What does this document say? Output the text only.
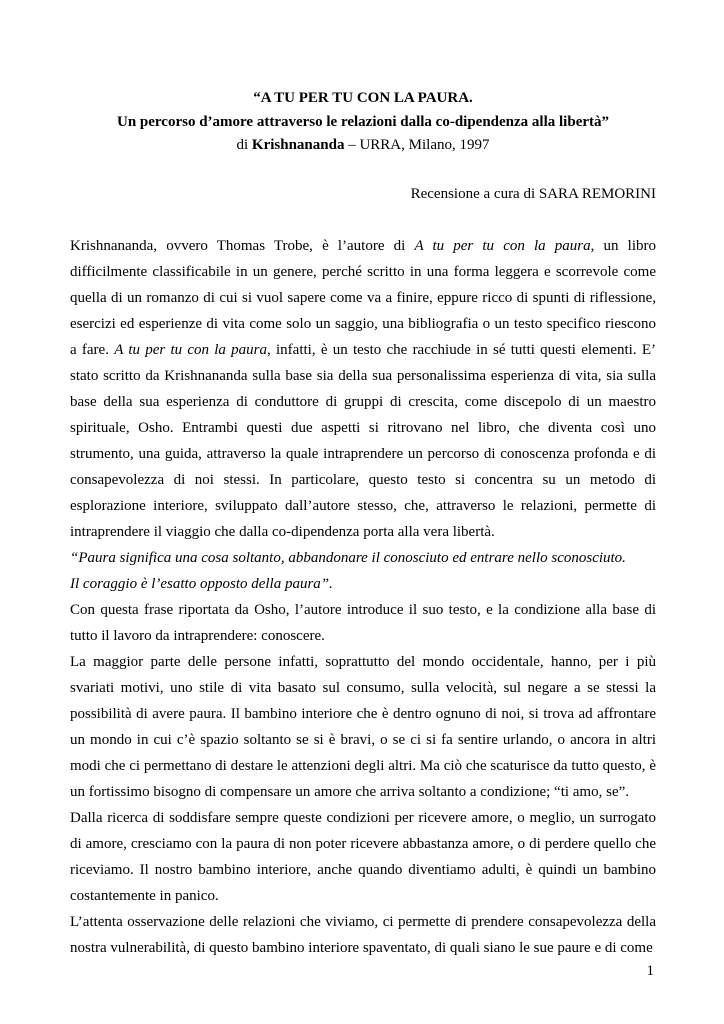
“A TU PER TU CON LA PAURA.
Un percorso d’amore attraverso le relazioni dalla co-dipendenza alla libertà”
di Krishnananda – URRA, Milano, 1997
Recensione a cura di SARA REMORINI

Krishnananda, ovvero Thomas Trobe, è l’autore di A tu per tu con la paura, un libro difficilmente classificabile in un genere, perché scritto in una forma leggera e scorrevole come quella di un romanzo di cui si vuol sapere come va a finire, eppure ricco di spunti di riflessione, esercizi ed esperienze di vita come solo un saggio, una bibliografia o un testo specifico riescono a fare. A tu per tu con la paura, infatti, è un testo che racchiude in sé tutti questi elementi. E’ stato scritto da Krishnananda sulla base sia della sua personalissima esperienza di vita, sia sulla base della sua esperienza di conduttore di gruppi di crescita, come discepolo di un maestro spirituale, Osho. Entrambi questi due aspetti si ritrovano nel libro, che diventa così uno strumento, una guida, attraverso la quale intraprendere un percorso di conoscenza profonda e di consapevolezza di noi stessi. In particolare, questo testo si concentra su un metodo di esplorazione interiore, sviluppato dall’autore stesso, che, attraverso le relazioni, permette di intraprendere il viaggio che dalla co-dipendenza porta alla vera libertà.

“Paura significa una cosa soltanto, abbandonare il conosciuto ed entrare nello sconosciuto.

Il coraggio è l’esatto opposto della paura”.

Con questa frase riportata da Osho, l’autore introduce il suo testo, e la condizione alla base di tutto il lavoro da intraprendere: conoscere.

La maggior parte delle persone infatti, soprattutto del mondo occidentale, hanno, per i più svariati motivi, uno stile di vita basato sul consumo, sulla velocità, sul negare a se stessi la possibilità di avere paura. Il bambino interiore che è dentro ognuno di noi, si trova ad affrontare un mondo in cui c’è spazio soltanto se si è bravi, o se ci si fa sentire urlando, o ancora in altri modi che ci permettano di destare le attenzioni degli altri. Ma ciò che scaturisce da tutto questo, è un fortissimo bisogno di compensare un amore che arriva soltanto a condizione; “ti amo, se”.

Dalla ricerca di soddisfare sempre queste condizioni per ricevere amore, o meglio, un surrogato di amore, cresciamo con la paura di non poter ricevere abbastanza amore, o di perdere quello che riceviamo. Il nostro bambino interiore, anche quando diventiamo adulti, è quindi un bambino costantemente in panico.

L’attenta osservazione delle relazioni che viviamo, ci permette di prendere consapevolezza della nostra vulnerabilità, di questo bambino interiore spaventato, di quali siano le sue paure e di come

1
